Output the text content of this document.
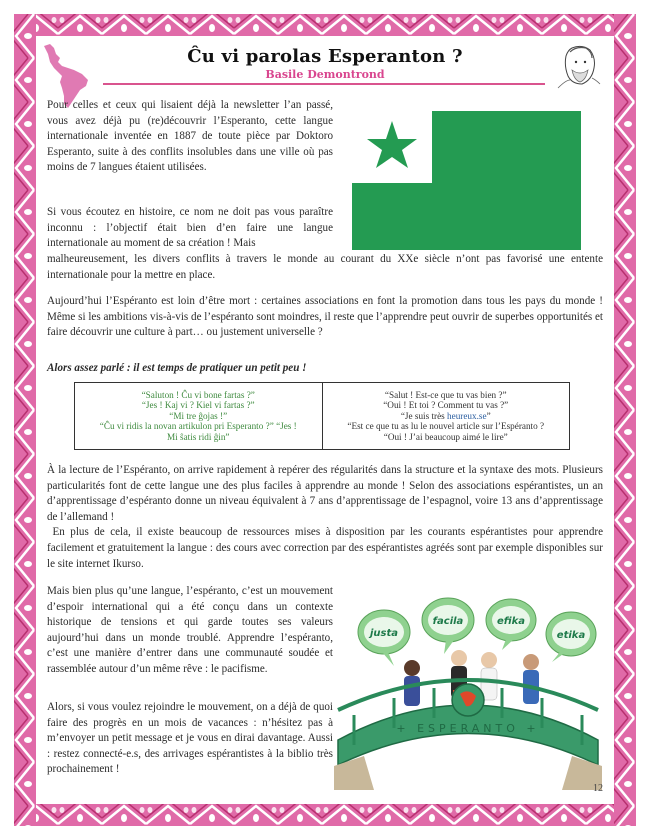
Ĉu vi parolas Esperanton ?
Basile Demontrond

Pour celles et ceux qui lisaient déjà la newsletter l’an passé, vous avez déjà pu (re)découvrir l’Esperanto, cette langue internationale inventée en 1887 de toute pièce par Doktoro Esperanto, suite à des conflits insolubles dans une ville où pas moins de 7 langues étaient utilisées.

Si vous écoutez en histoire, ce nom ne doit pas vous paraître inconnu : l’objectif était bien d’en faire une langue internationale au moment de sa création ! Mais

malheureusement, les divers conflits à travers le monde au courant du XXe siècle n’ont pas favorisé une entente internationale pour la mettre en place.

Aujourd’hui l’Espéranto est loin d’être mort : certaines associations en font la promotion dans tous les pays du monde ! Même si les ambitions vis-à-vis de l’espéranto sont moindres, il reste que l’apprendre peut ouvrir de superbes opportunités et faire découvrir une culture à part… ou justement universelle ?

Alors assez parlé : il est temps de pratiquer un petit peu !

“Saluton ! Ĉu vi bone fartas ?”
“Jes ! Kaj vi ? Kiel vi fartas ?”
“Mi tre ĝojas !”
“Ĉu vi ridis la novan artikulon pri Esperanto ?” “Jes !
Mi ŝatis ridi ĝin”
“Salut ! Est-ce que tu vas bien ?”
“Oui ! Et toi ? Comment tu vas ?”
“Je suis très heureux.se”
“Est ce que tu as lu le nouvel article sur l’Espéranto ?
“Oui ! J’ai beaucoup aimé le lire”
À la lecture de l’Espéranto, on arrive rapidement à repérer des régularités dans la structure et la syntaxe des mots. Plusieurs particularités font de cette langue une des plus faciles à apprendre au monde ! Selon des associations espérantistes, un an d’apprentissage d’espéranto donne un niveau équivalent à 7 ans d’apprentissage de l’espagnol, voire 13 ans d’apprentissage de l’allemand !
En plus de cela, il existe beaucoup de ressources mises à disposition par les courants espérantistes pour apprendre facilement et gratuitement la langue : des cours avec correction par des espérantistes agréés sont par exemple disponibles sur le site internet Ikurso.

Mais bien plus qu’une langue, l’espéranto, c’est un mouvement d’espoir international qui a été conçu dans un contexte historique de tensions et qui garde toutes ses valeurs aujourd’hui dans un monde troublé. Apprendre l’espéranto, c’est une manière d’entrer dans une communauté soudée et rassemblée autour d’un même rêve : le pacifisme.

Alors, si vous voulez rejoindre le mouvement, on a déjà de quoi faire des progrès en un mois de vacances : n’hésitez pas à m’envoyer un petit message et je vous en dirai davantage. Aussi : restez connecté-e.s, des arrivages espérantistes à la biblio très prochainement !

justa
facila	efika
etika
+ ESPERANTO +
12
